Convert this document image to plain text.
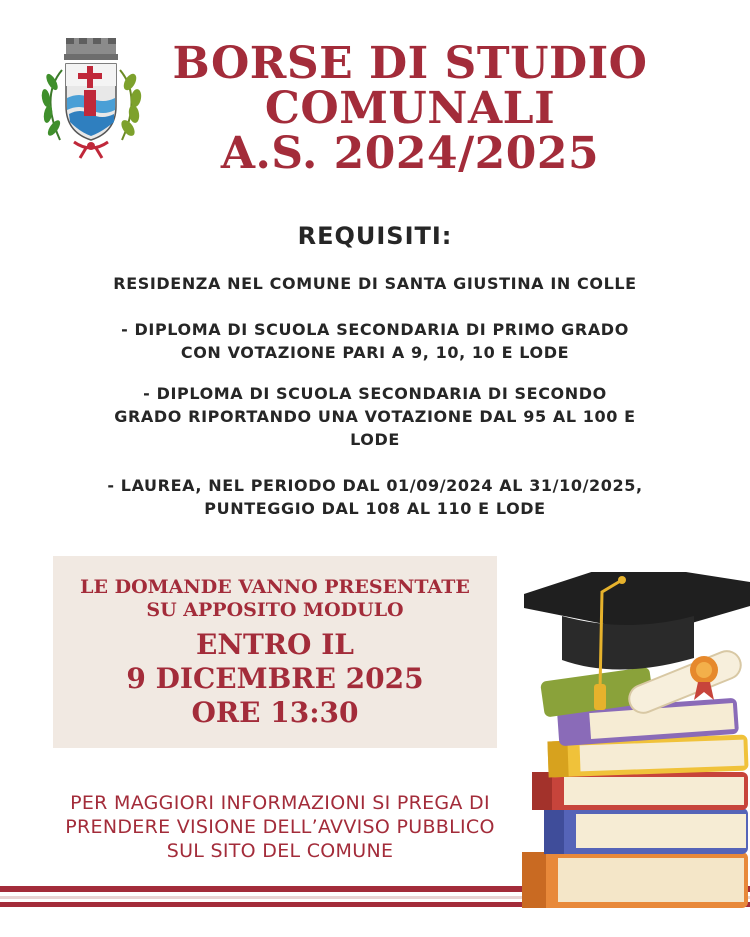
BORSE DI STUDIO
COMUNALI
A.S. 2024/2025
REQUISITI:
RESIDENZA NEL COMUNE DI SANTA GIUSTINA IN COLLE
- DIPLOMA DI SCUOLA SECONDARIA DI PRIMO GRADO
CON VOTAZIONE PARI A 9, 10, 10 E LODE
- DIPLOMA DI SCUOLA SECONDARIA DI SECONDO
GRADO RIPORTANDO UNA VOTAZIONE DAL 95 AL 100 E
LODE
- LAUREA, NEL PERIODO DAL 01/09/2024 AL 31/10/2025,
PUNTEGGIO DAL 108 AL 110 E LODE
LE DOMANDE VANNO PRESENTATE
SU APPOSITO MODULO
ENTRO IL
9 DICEMBRE 2025
ORE 13:30
PER MAGGIORI INFORMAZIONI SI PREGA DI
PRENDERE VISIONE DELL’AVVISO PUBBLICO
SUL SITO DEL COMUNE
